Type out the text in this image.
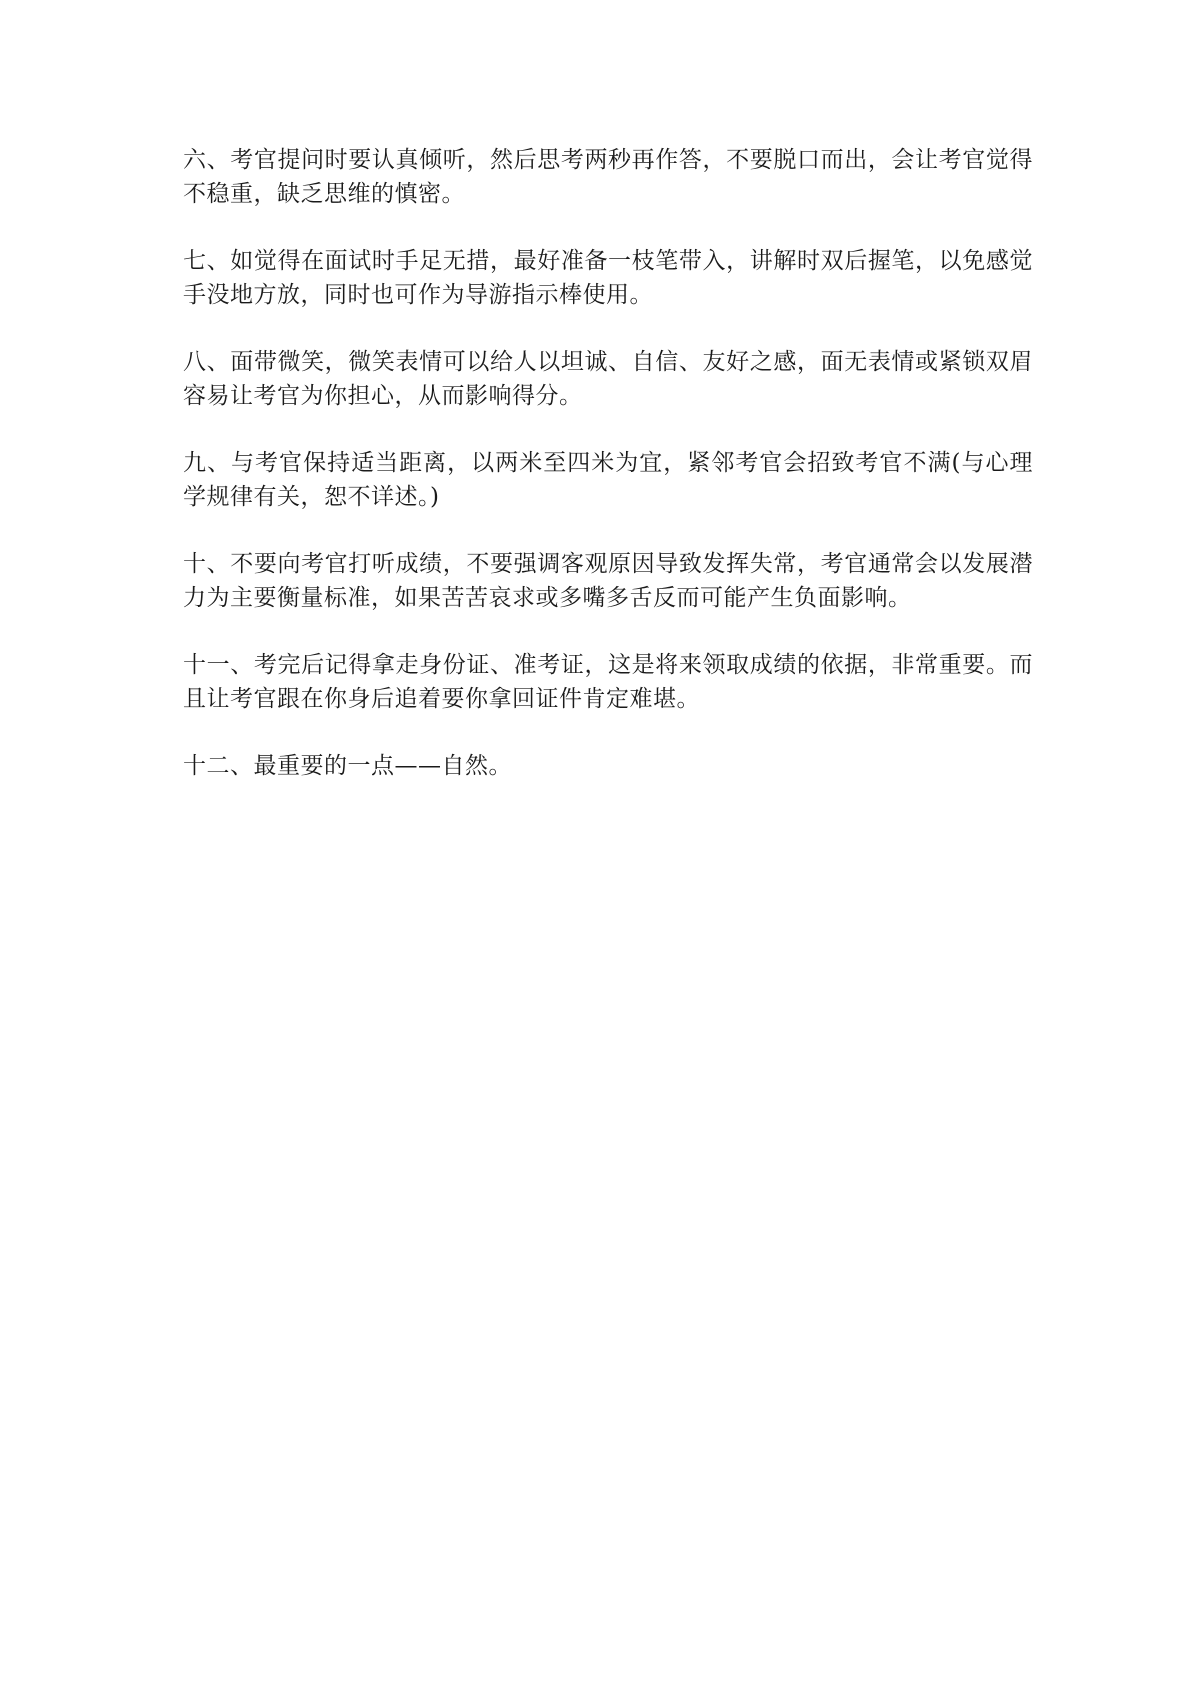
六、考官提问时要认真倾听，然后思考两秒再作答，不要脱口而出，会让考官觉得不稳重，缺乏思维的慎密。

七、如觉得在面试时手足无措，最好准备一枝笔带入，讲解时双后握笔，以免感觉手没地方放，同时也可作为导游指示棒使用。

八、面带微笑，微笑表情可以给人以坦诚、自信、友好之感，面无表情或紧锁双眉容易让考官为你担心，从而影响得分。

九、与考官保持适当距离，以两米至四米为宜，紧邻考官会招致考官不满(与心理学规律有关，恕不详述。)

十、不要向考官打听成绩，不要强调客观原因导致发挥失常，考官通常会以发展潜力为主要衡量标准，如果苦苦哀求或多嘴多舌反而可能产生负面影响。

十一、考完后记得拿走身份证、准考证，这是将来领取成绩的依据，非常重要。而且让考官跟在你身后追着要你拿回证件肯定难堪。

十二、最重要的一点——自然。
